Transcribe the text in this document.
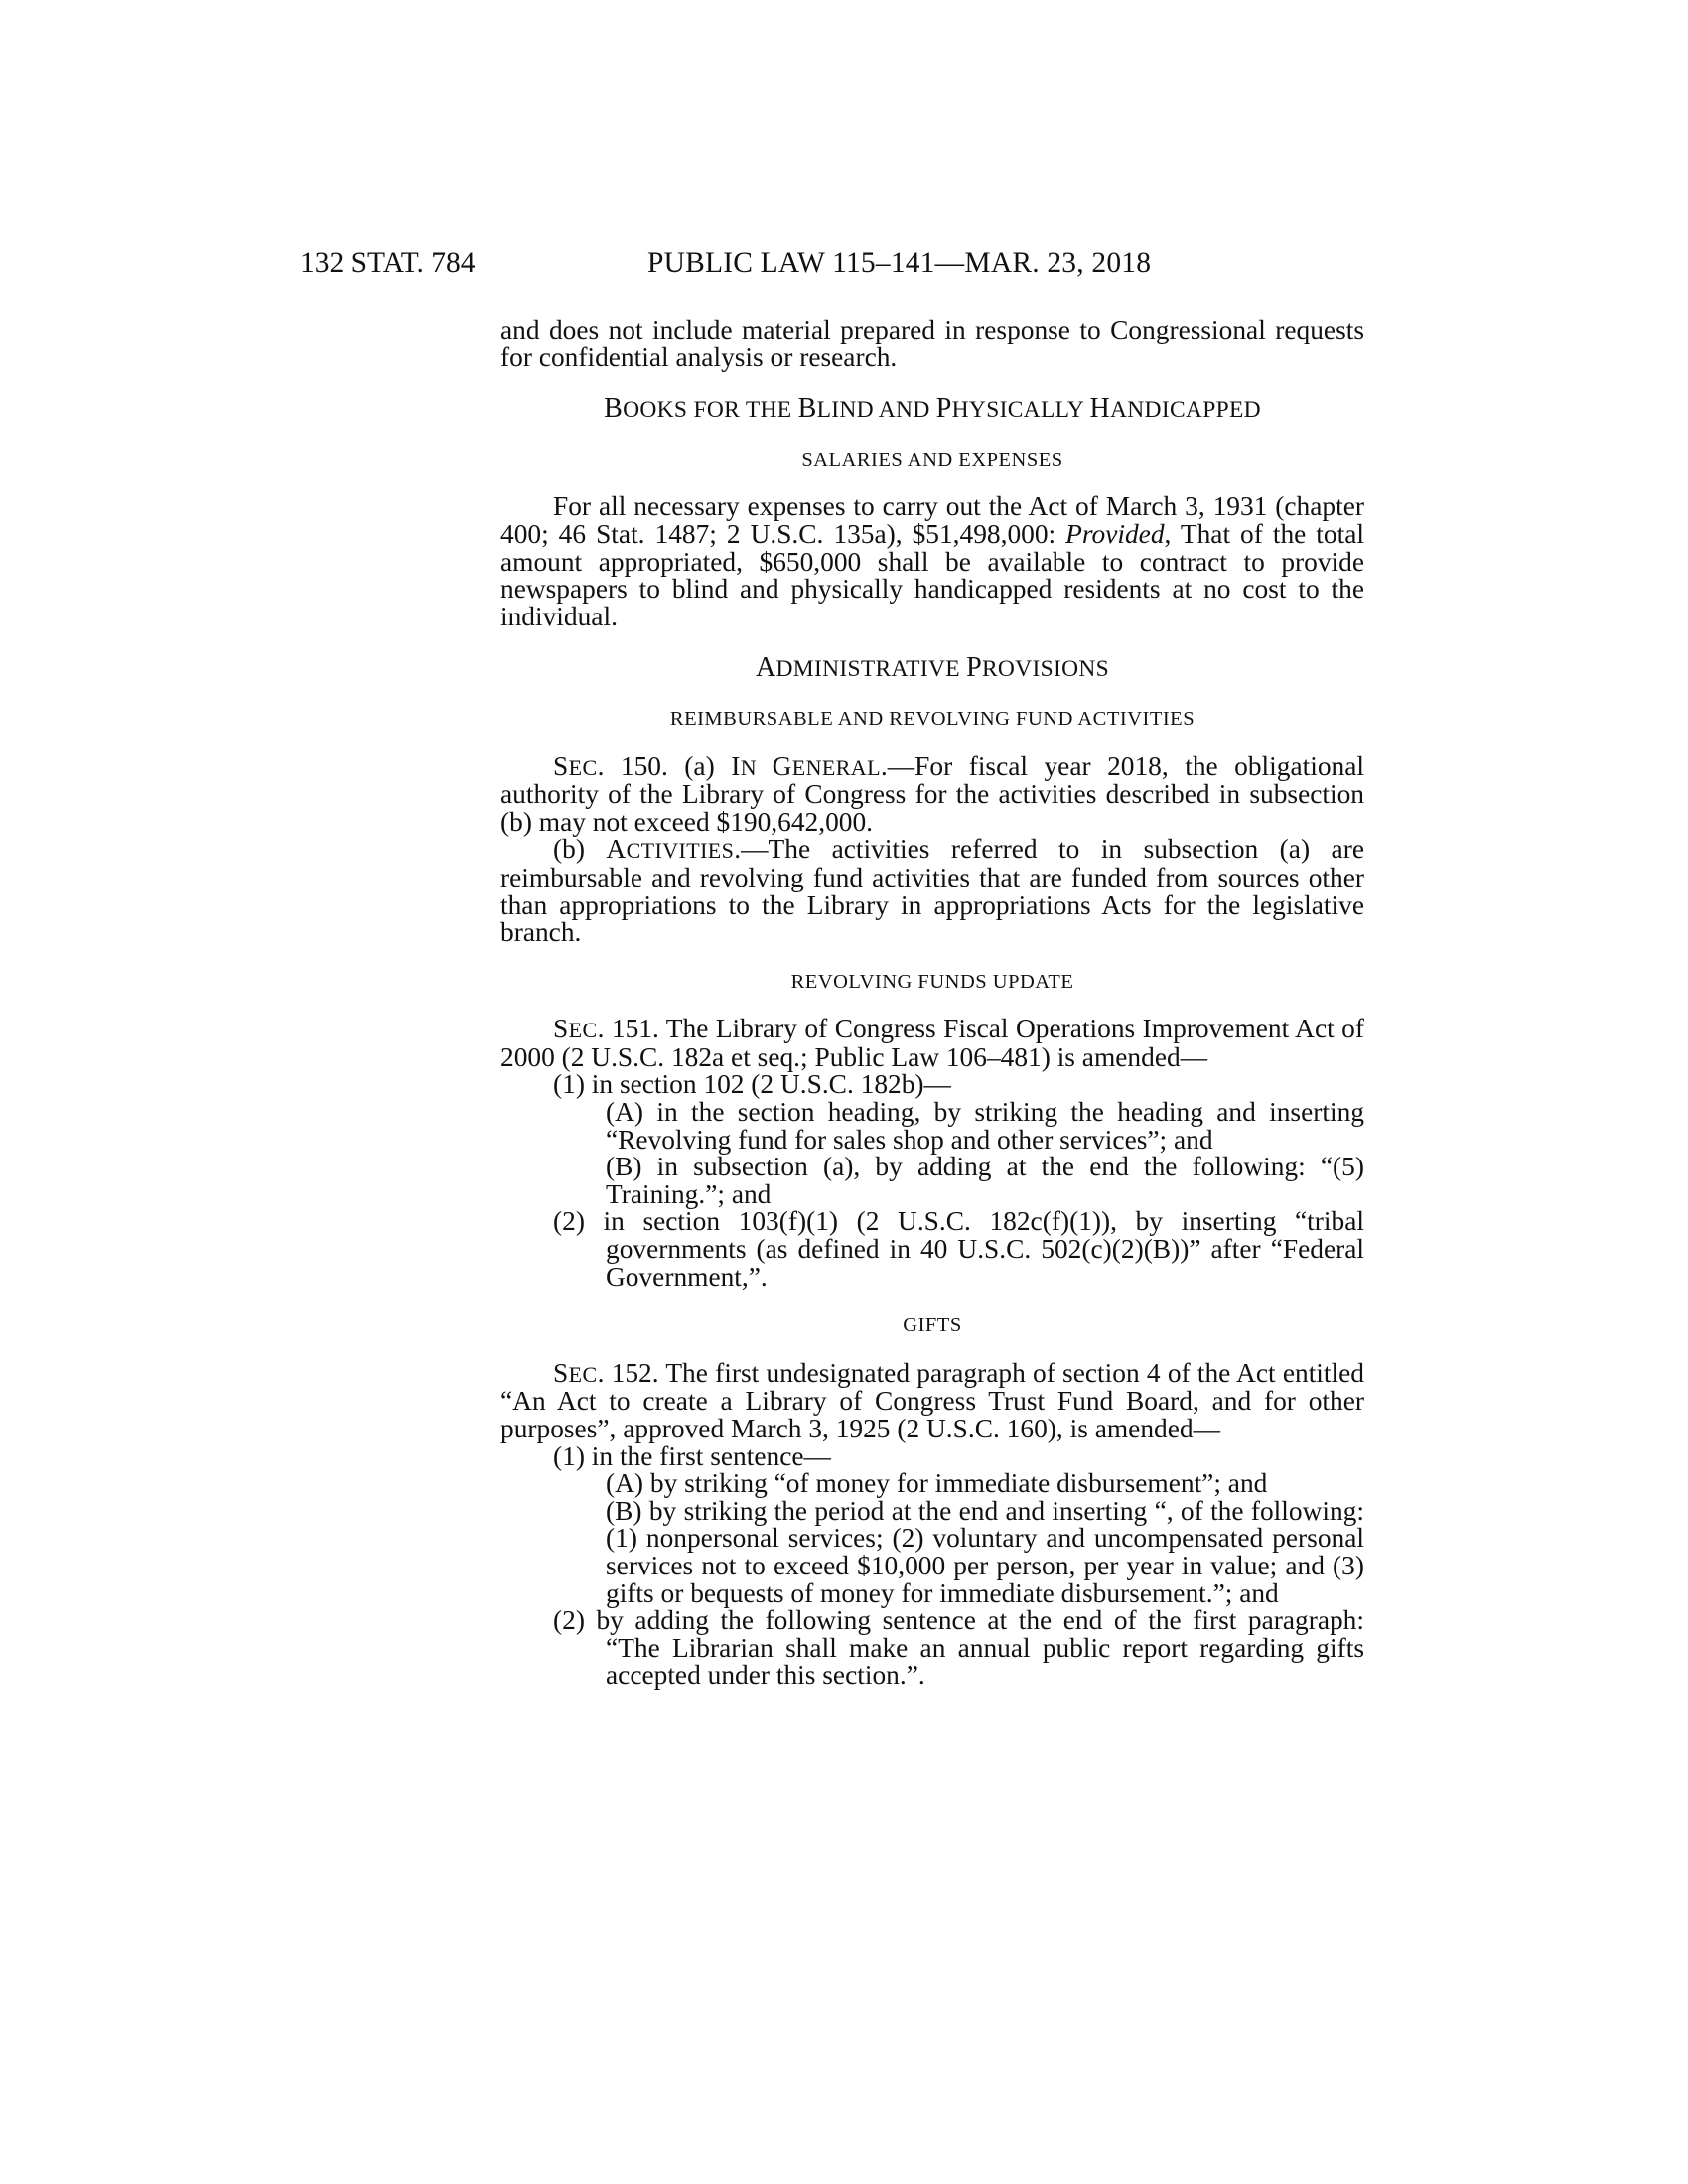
132 STAT. 784	PUBLIC LAW 115–141—MAR. 23, 2018

and does not include material prepared in response to Congressional requests for confidential analysis or research.

BOOKS FOR THE BLIND AND PHYSICALLY HANDICAPPED

SALARIES AND EXPENSES

For all necessary expenses to carry out the Act of March 3, 1931 (chapter 400; 46 Stat. 1487; 2 U.S.C. 135a), $51,498,000: Provided, That of the total amount appropriated, $650,000 shall be available to contract to provide newspapers to blind and physically handicapped residents at no cost to the individual.

ADMINISTRATIVE PROVISIONS

REIMBURSABLE AND REVOLVING FUND ACTIVITIES

SEC. 150. (a) IN GENERAL.—For fiscal year 2018, the obligational authority of the Library of Congress for the activities described in subsection (b) may not exceed $190,642,000.

(b) ACTIVITIES.—The activities referred to in subsection (a) are reimbursable and revolving fund activities that are funded from sources other than appropriations to the Library in appropriations Acts for the legislative branch.

REVOLVING FUNDS UPDATE

SEC. 151. The Library of Congress Fiscal Operations Improvement Act of 2000 (2 U.S.C. 182a et seq.; Public Law 106–481) is amended—

(1) in section 102 (2 U.S.C. 182b)—

(A) in the section heading, by striking the heading and inserting “Revolving fund for sales shop and other services”; and

(B) in subsection (a), by adding at the end the following: “(5) Training.”; and

(2) in section 103(f)(1) (2 U.S.C. 182c(f)(1)), by inserting “tribal governments (as defined in 40 U.S.C. 502(c)(2)(B))” after “Federal Government,”.

GIFTS

SEC. 152. The first undesignated paragraph of section 4 of the Act entitled “An Act to create a Library of Congress Trust Fund Board, and for other purposes”, approved March 3, 1925 (2 U.S.C. 160), is amended—

(1) in the first sentence—

(A) by striking “of money for immediate disbursement”; and

(B) by striking the period at the end and inserting “, of the following: (1) nonpersonal services; (2) voluntary and uncompensated personal services not to exceed $10,000 per person, per year in value; and (3) gifts or bequests of money for immediate disbursement.”; and

(2) by adding the following sentence at the end of the first paragraph: “The Librarian shall make an annual public report regarding gifts accepted under this section.”.
